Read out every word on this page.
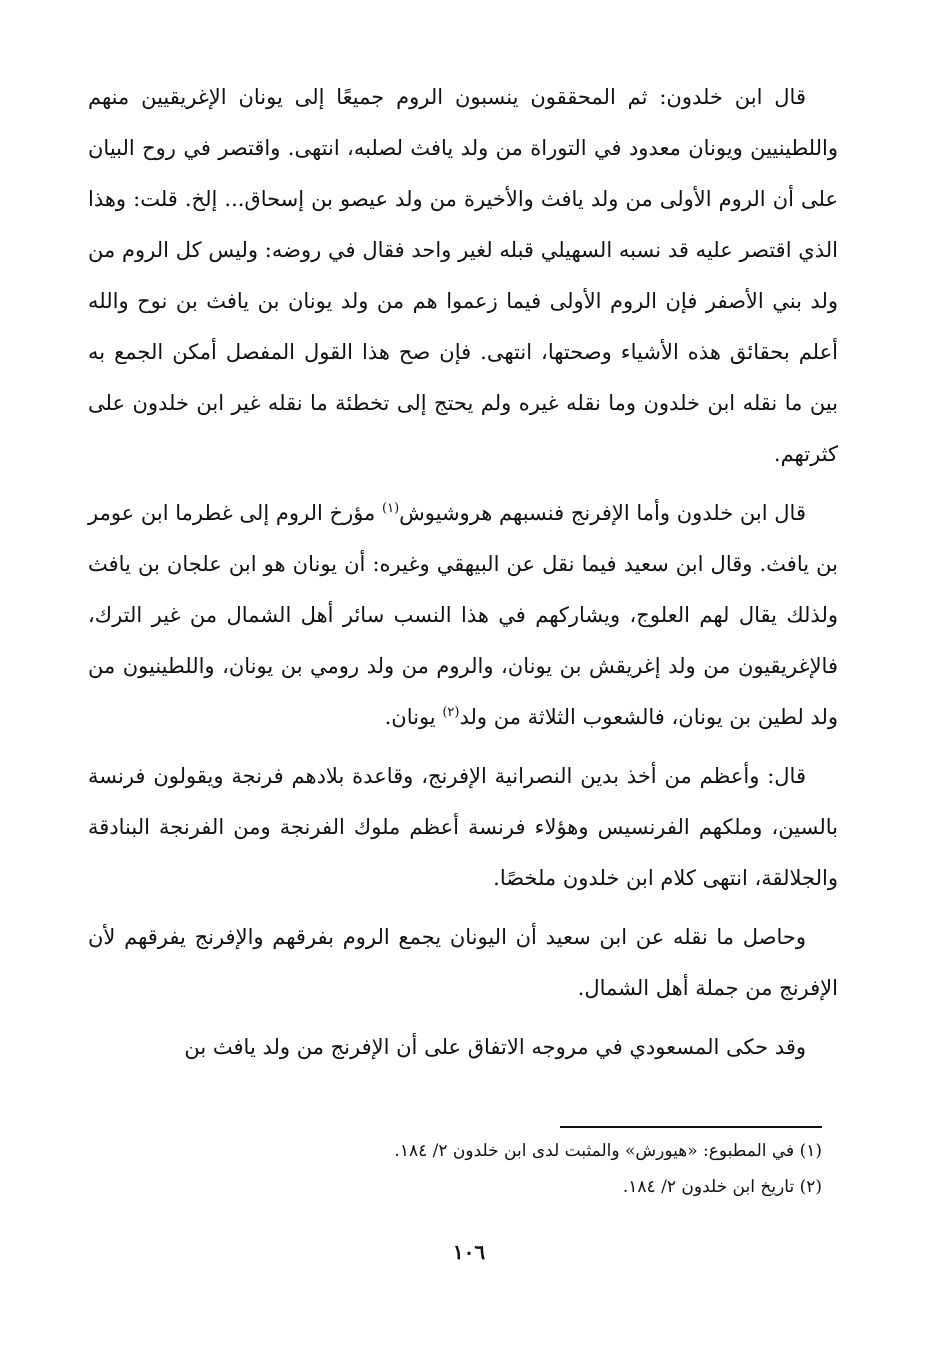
قال ابن خلدون: ثم المحققون ينسبون الروم جميعًا إلى يونان الإغريقيين منهم واللطينيين ويونان معدود في التوراة من ولد يافث لصلبه، انتهى. واقتصر في روح البيان على أن الروم الأولى من ولد يافث والأخيرة من ولد عيصو بن إسحاق... إلخ. قلت: وهذا الذي اقتصر عليه قد نسبه السهيلي قبله لغير واحد فقال في روضه: وليس كل الروم من ولد بني الأصفر فإن الروم الأولى فيما زعموا هم من ولد يونان بن يافث بن نوح والله أعلم بحقائق هذه الأشياء وصحتها، انتهى. فإن صح هذا القول المفصل أمكن الجمع به بين ما نقله ابن خلدون وما نقله غيره ولم يحتج إلى تخطئة ما نقله غير ابن خلدون على كثرتهم.

قال ابن خلدون وأما الإفرنج فنسبهم هروشيوش$^{(١)}$ مؤرخ الروم إلى غطرما ابن عومر بن يافث. وقال ابن سعيد فيما نقل عن البيهقي وغيره: أن يونان هو ابن علجان بن يافث ولذلك يقال لهم العلوج، ويشاركهم في هذا النسب سائر أهل الشمال من غير الترك، فالإغريقيون من ولد إغريقش بن يونان، والروم من ولد رومي بن يونان، واللطينيون من ولد لطين بن يونان، فالشعوب الثلاثة من ولد$^{(٢)}$ يونان.

قال: وأعظم من أخذ بدين النصرانية الإفرنج، وقاعدة بلادهم فرنجة ويقولون فرنسة بالسين، وملكهم الفرنسيس وهؤلاء فرنسة أعظم ملوك الفرنجة ومن الفرنجة البنادقة والجلالقة، انتهى كلام ابن خلدون ملخصًا.

وحاصل ما نقله عن ابن سعيد أن اليونان يجمع الروم بفرقهم والإفرنج يفرقهم لأن الإفرنج من جملة أهل الشمال.

وقد حكى المسعودي في مروجه الاتفاق على أن الإفرنج من ولد يافث بن

(١) في المطبوع: «هيورش» والمثبت لدى ابن خلدون ٢/ ١٨٤.
(٢) تاريخ ابن خلدون ٢/ ١٨٤.
١٠٦
